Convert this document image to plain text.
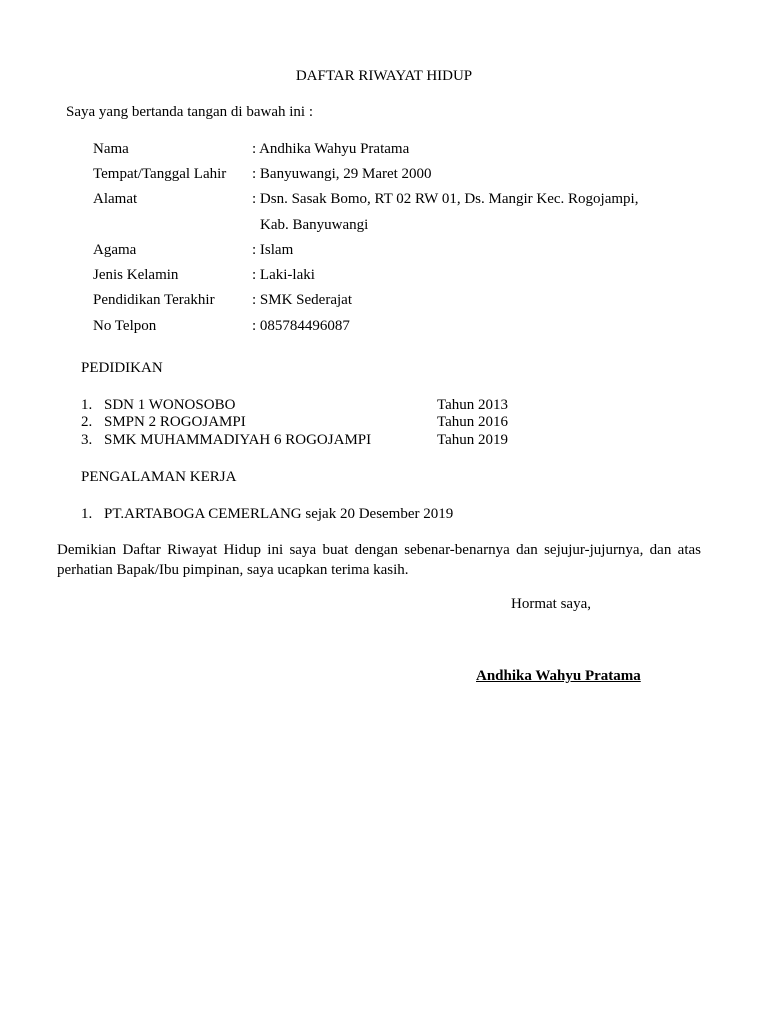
DAFTAR RIWAYAT HIDUP
Saya yang bertanda tangan di bawah ini :
Nama	: Andhika Wahyu Pratama
Tempat/Tanggal Lahir : Banyuwangi, 29 Maret 2000
Alamat	: Dsn. Sasak Bomo, RT 02 RW 01, Ds. Mangir Kec. Rogojampi,
Kab. Banyuwangi
Agama	: Islam
Jenis Kelamin	: Laki-laki
Pendidikan Terakhir : SMK Sederajat
No Telpon	: 085784496087
PEDIDIKAN
1. SDN 1 WONOSOBO	Tahun 2013
2. SMPN 2 ROGOJAMPI	Tahun 2016
3. SMK MUHAMMADIYAH 6 ROGOJAMPI	Tahun 2019
PENGALAMAN KERJA
1. PT.ARTABOGA CEMERLANG sejak 20 Desember 2019
Demikian Daftar Riwayat Hidup ini saya buat dengan sebenar-benarnya dan sejujur-jujurnya, dan atas perhatian Bapak/Ibu pimpinan, saya ucapkan terima kasih.
Hormat saya,
Andhika Wahyu Pratama
